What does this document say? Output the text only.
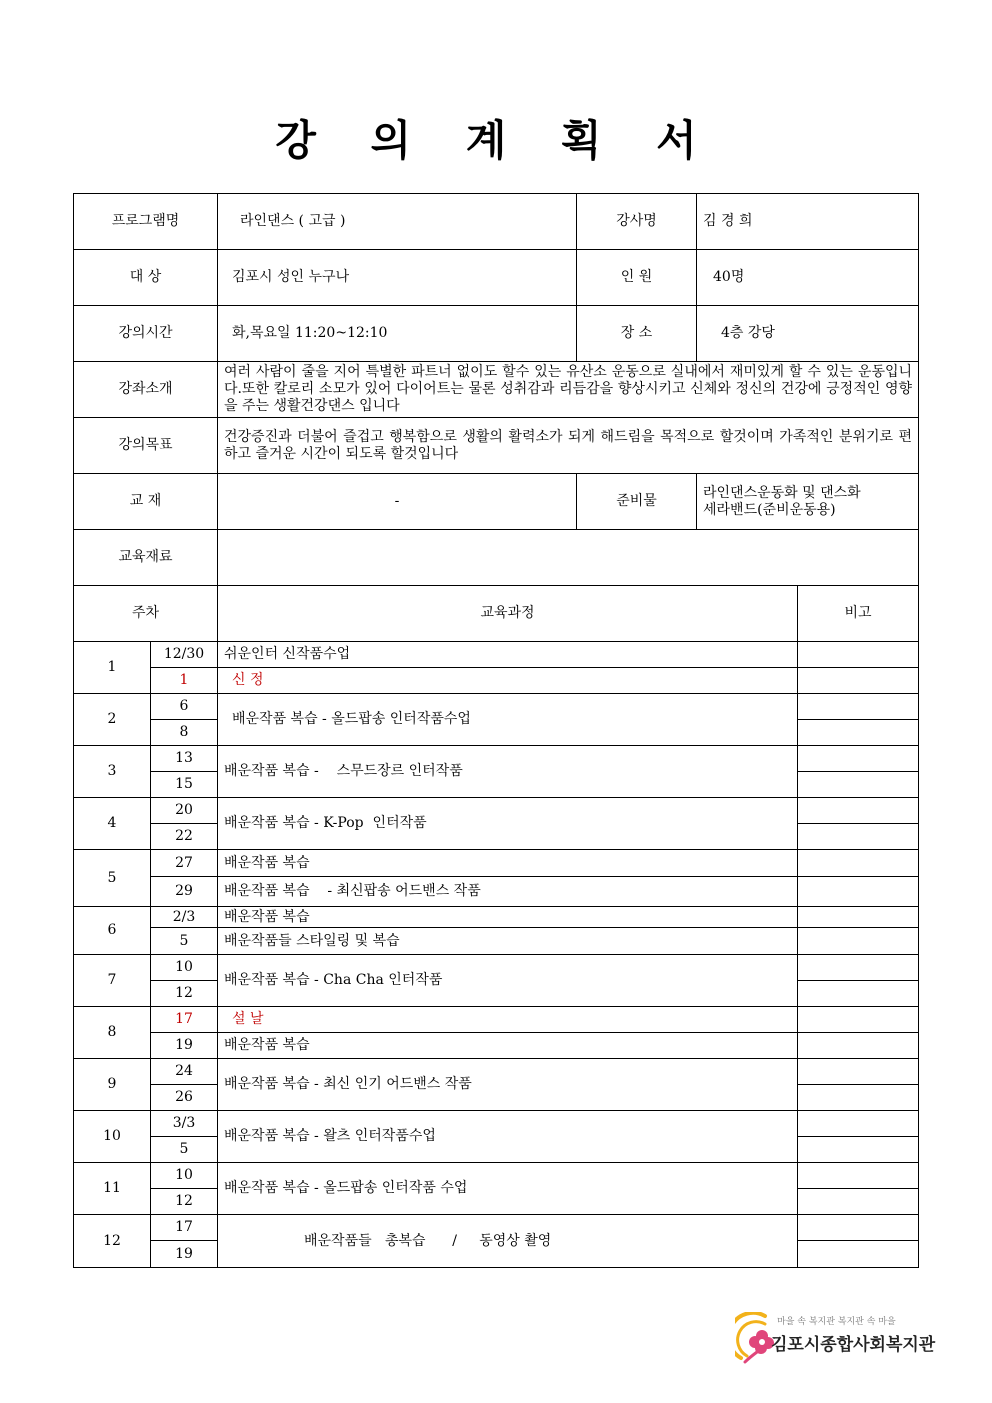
강 의 계 획 서
프로그램명		라인댄스 ( 고급 )	강사명	김 경 희	
대 상		김포시 성인 누구나	인 원	40명	
강의시간		화,목요일 11:20~12:10	장 소	4층 강당	
강좌소개		여러 사람이 줄을 지어 특별한 파트너 없이도 할수 있는 유산소 운동으로 실내에서 재미있게 할 수 있는 운동입니다.또한 칼로리 소모가 있어 다이어트는 물론 성취감과 리듬감을 향상시키고 신체와 정신의 건강에 긍정적인 영향을 주는 생활건강댄스 입니다			
강의목표		건강증진과 더불어 즐겁고 행복함으로 생활의 활력소가 되게 해드림을 목적으로 할것이며 가족적인 분위기로 편하고 즐거운 시간이 되도록 할것입니다			
교 재		-	준비물	라인댄스운동화 및 댄스화
세라밴드(준비운동용)	

교육재료					
주차		교육과정			비고
1	12/30	쉬운인터 신작품수업			
	1	신 정			
2	6	배운작품 복습 - 올드팝송 인터작품수업			
	8				
3	13	배운작품 복습 -    스무드장르 인터작품			
	15				
4	20	배운작품 복습 - K-Pop  인터작품			
	22				
5	27	배운작품 복습			
	29	배운작품 복습    - 최신팝송 어드밴스 작품			
6	2/3	배운작품 복습			
	5	배운작품들 스타일링 및 복습			
7	10	배운작품 복습 - Cha Cha 인터작품			
	12				
8	17	설 날			
	19	배운작품 복습			
9	24	배운작품 복습 - 최신 인기 어드밴스 작품			
	26				
10	3/3	배운작품 복습 - 왈츠 인터작품수업			
	5				
11	10	배운작품 복습 - 올드팝송 인터작품 수업			
	12				
12	17	배운작품들   총복습      /     동영상 촬영			
	19				
마을 속 복지관 복지관 속 마을
김포시종합사회복지관
